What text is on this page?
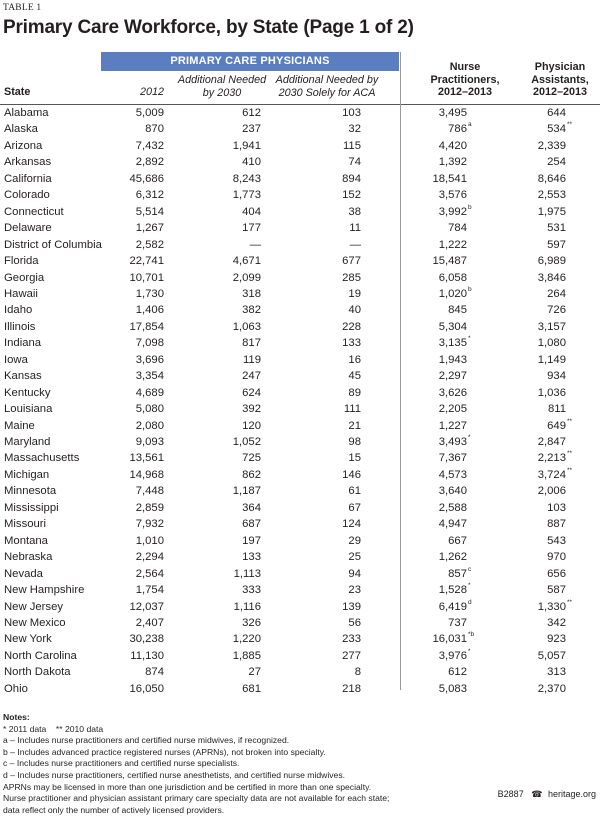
TABLE 1
Primary Care Workforce, by State (Page 1 of 2)
PRIMARY CARE PHYSICIANS
State	2012
Additional Needed
by 2030
Additional Needed by
2030 Solely for ACA
Nurse
Practitioners,
2012–2013
Physician
Assistants,
2012–2013
Alabama	5,009	612	103	3,495	644
Alaska	870	237	32	786 a	534 **
Arizona	7,432	1,941	115	4,420	2,339
Arkansas	2,892	410	74	1,392	254
California	45,686	8,243	894	18,541	8,646
Colorado	6,312	1,773	152	3,576	2,553
Connecticut	5,514	404	38	3,992 b	1,975
Delaware	1,267	177	11	784	531
District of Columbia	2,582	—	—	1,222	597
Florida	22,741	4,671	677	15,487	6,989
Georgia	10,701	2,099	285	6,058	3,846
Hawaii	1,730	318	19	1,020 b	264
Idaho	1,406	382	40	845	726
Illinois	17,854	1,063	228	5,304	3,157
Indiana	7,098	817	133	3,135 *	1,080
Iowa	3,696	119	16	1,943	1,149
Kansas	3,354	247	45	2,297	934
Kentucky	4,689	624	89	3,626	1,036
Louisiana	5,080	392	111	2,205	811
Maine	2,080	120	21	1,227	649 **
Maryland	9,093	1,052	98	3,493 *	2,847
Massachusetts	13,561	725	15	7,367	2,213 **
Michigan	14,968	862	146	4,573	3,724 **
Minnesota	7,448	1,187	61	3,640	2,006
Mississippi	2,859	364	67	2,588	103
Missouri	7,932	687	124	4,947	887
Montana	1,010	197	29	667	543
Nebraska	2,294	133	25	1,262	970
Nevada	2,564	1,113	94	857 c	656
New Hampshire	1,754	333	23	1,528 *	587
New Jersey	12,037	1,116	139	6,419 d	1,330 **
New Mexico	2,407	326	56	737	342
New York	30,238	1,220	233	16,031 *b	923
North Carolina	11,130	1,885	277	3,976 *	5,057
North Dakota	874	27	8	612	313
Ohio	16,050	681	218	5,083	2,370
Notes:
* 2011 data    ** 2010 data
a – Includes nurse practitioners and certified nurse midwives, if recognized.
b – Includes advanced practice registered nurses (APRNs), not broken into specialty.
c – Includes nurse practitioners and certified nurse specialists.
d – Includes nurse practitioners, certified nurse anesthetists, and certified nurse midwives.
APRNs may be licensed in more than one jurisdiction and be certified in more than one specialty.
Nurse practitioner and physician assistant primary care specialty data are not available for each state;
data reflect only the number of actively licensed providers.
B2887 ☎ heritage.org
